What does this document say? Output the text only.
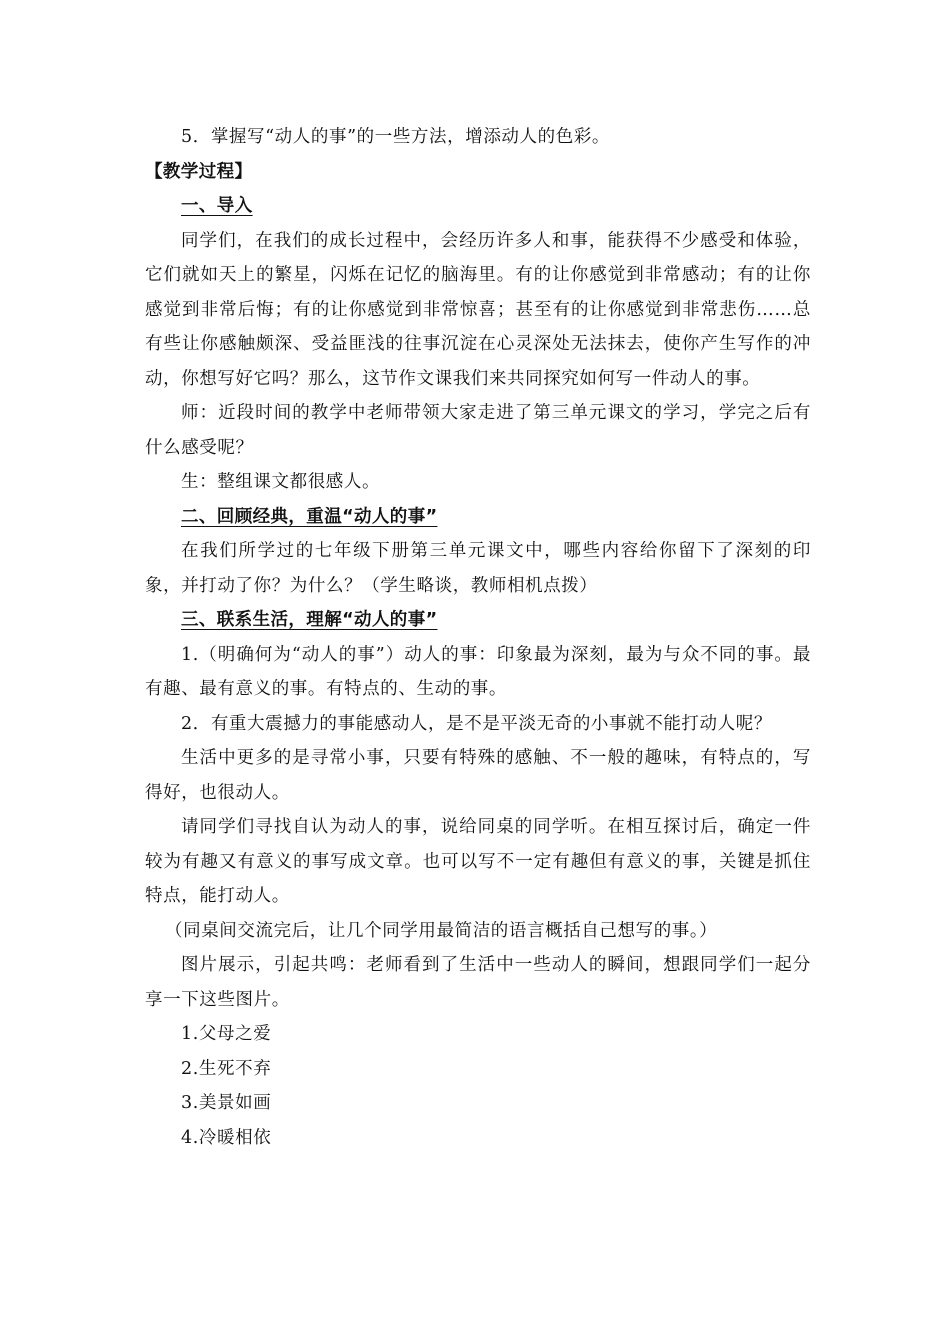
5．掌握写“动人的事”的一些方法，增添动人的色彩。

【教学过程】

一、导入

同学们，在我们的成长过程中，会经历许多人和事，能获得不少感受和体验，它们就如天上的繁星，闪烁在记忆的脑海里。有的让你感觉到非常感动；有的让你感觉到非常后悔；有的让你感觉到非常惊喜；甚至有的让你感觉到非常悲伤……总有些让你感触颇深、受益匪浅的往事沉淀在心灵深处无法抹去，使你产生写作的冲动，你想写好它吗？那么，这节作文课我们来共同探究如何写一件动人的事。

师：近段时间的教学中老师带领大家走进了第三单元课文的学习，学完之后有什么感受呢？

生：整组课文都很感人。

二、回顾经典，重温“动人的事”

在我们所学过的七年级下册第三单元课文中，哪些内容给你留下了深刻的印象，并打动了你？为什么？（学生略谈，教师相机点拨）

三、联系生活，理解“动人的事”

1.（明确何为“动人的事”）动人的事：印象最为深刻，最为与众不同的事。最有趣、最有意义的事。有特点的、生动的事。

2．有重大震撼力的事能感动人，是不是平淡无奇的小事就不能打动人呢？

生活中更多的是寻常小事，只要有特殊的感触、不一般的趣味，有特点的，写得好，也很动人。

请同学们寻找自认为动人的事，说给同桌的同学听。在相互探讨后，确定一件较为有趣又有意义的事写成文章。也可以写不一定有趣但有意义的事，关键是抓住特点，能打动人。

（同桌间交流完后，让几个同学用最简洁的语言概括自己想写的事。）

图片展示，引起共鸣：老师看到了生活中一些动人的瞬间，想跟同学们一起分享一下这些图片。

1.父母之爱

2.生死不弃

3.美景如画

4.冷暖相依
